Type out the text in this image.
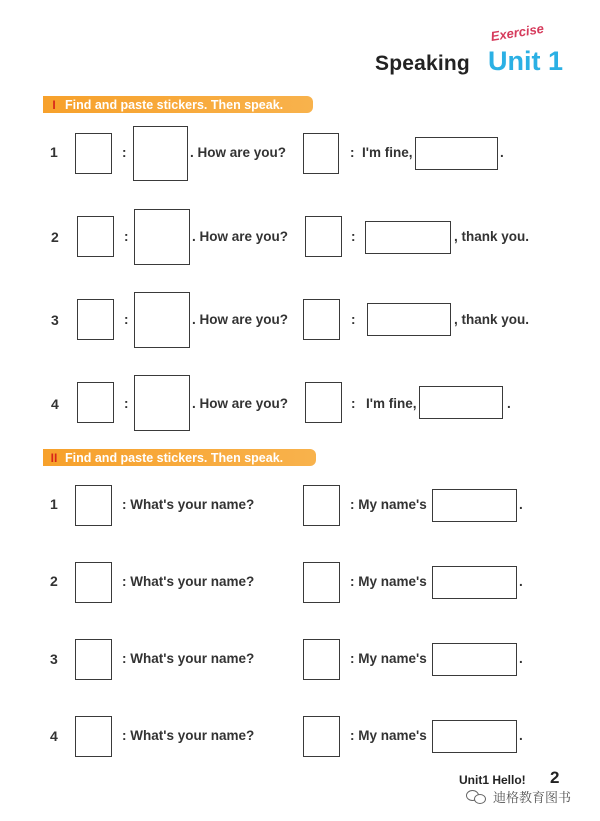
Exercise
Speaking Unit 1
I Find and paste stickers. Then speak.
1	:	. How are you?	: I'm fine,	.
2	:	. How are you?	:	, thank you.
3	:	. How are you?	:	, thank you.
4	:	. How are you?	: I'm fine,	.
II Find and paste stickers. Then speak.
1	: What's your name?	: My name's	.
2	: What's your name?	: My name's	.
3	: What's your name?	: My name's	.
4	: What's your name?	: My name's	.
Unit1 Hello! 2
迪格教育图书
